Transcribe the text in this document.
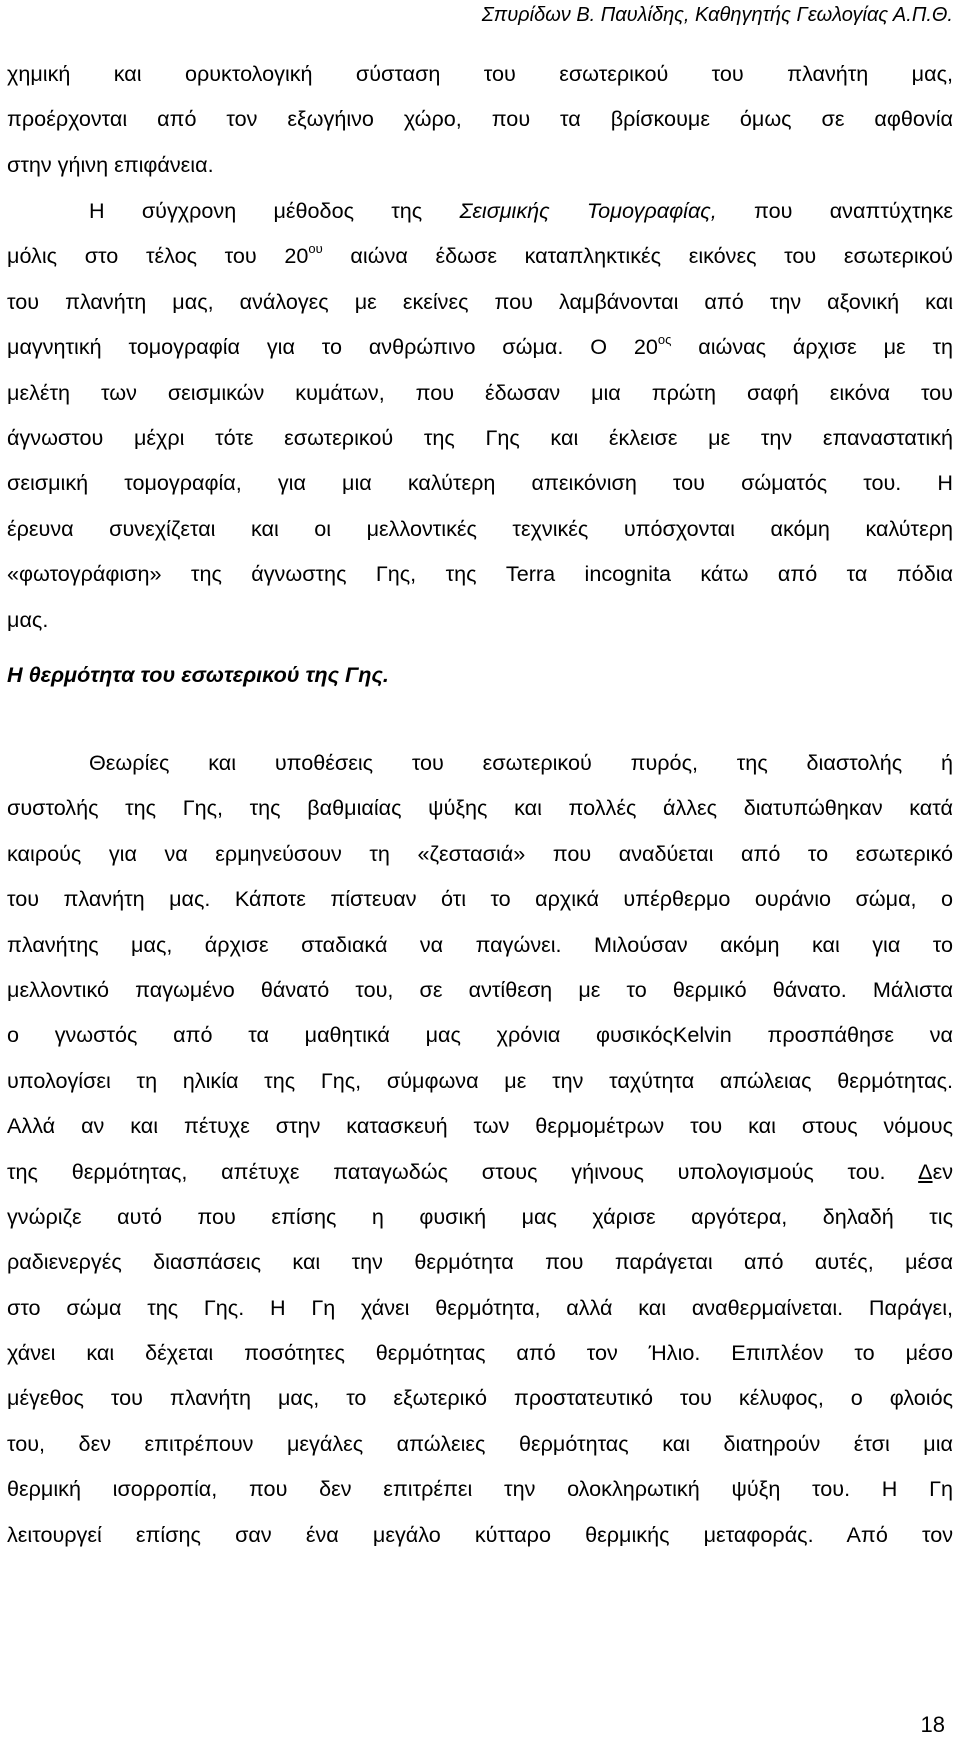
Σπυρίδων Β. Παυλίδης, Καθηγητής Γεωλογίας Α.Π.Θ.
χημική και ορυκτολογική σύσταση του εσωτερικού του πλανήτη μας,
προέρχονται από τον εξωγήινο χώρο, που τα βρίσκουμε όμως σε αφθονία
στην γήινη επιφάνεια.
Η σύγχρονη μέθοδος της Σεισμικής Τομογραφίας, που αναπτύχτηκε
μόλις στο τέλος του $20^{o\upsilon}$ αιώνα έδωσε καταπληκτικές εικόνες του εσωτερικού
του πλανήτη μας, ανάλογες με εκείνες που λαμβάνονται από την αξονική και
μαγνητική τομογραφία για το ανθρώπινο σώμα. Ο $20^{o\varsigma}$ αιώνας άρχισε με τη
μελέτη των σεισμικών κυμάτων, που έδωσαν μια πρώτη σαφή εικόνα του
άγνωστου μέχρι τότε εσωτερικού της Γης και έκλεισε με την επαναστατική
σεισμική τομογραφία, για μια καλύτερη απεικόνιση του σώματός του. Η
έρευνα συνεχίζεται και οι μελλοντικές τεχνικές υπόσχονται ακόμη καλύτερη
«φωτογράφιση» της άγνωστης Γης, της Terra incognita κάτω από τα πόδια
μας.
Η θερμότητα του εσωτερικού της Γης.
Θεωρίες και υποθέσεις του εσωτερικού πυρός, της διαστολής ή
συστολής της Γης, της βαθμιαίας ψύξης και πολλές άλλες διατυπώθηκαν κατά
καιρούς για να ερμηνεύσουν τη «ζεστασιά» που αναδύεται από το εσωτερικό
του πλανήτη μας. Κάποτε πίστευαν ότι το αρχικά υπέρθερμο ουράνιο σώμα, ο
πλανήτης μας, άρχισε σταδιακά να παγώνει. Μιλούσαν ακόμη και για το
μελλοντικό παγωμένο θάνατό του, σε αντίθεση με το θερμικό θάνατο. Μάλιστα
ο γνωστός από τα μαθητικά μας χρόνια φυσικόςKelvin προσπάθησε να
υπολογίσει τη ηλικία της Γης, σύμφωνα με την ταχύτητα απώλειας θερμότητας.
Αλλά αν και πέτυχε στην κατασκευή των θερμομέτρων του και στους νόμους
της θερμότητας, απέτυχε παταγωδώς στους γήινους υπολογισμούς του. Δεν
γνώριζε αυτό που επίσης η φυσική μας χάρισε αργότερα, δηλαδή τις
ραδιενεργές διασπάσεις και την θερμότητα που παράγεται από αυτές, μέσα
στο σώμα της Γης. Η Γη χάνει θερμότητα, αλλά και αναθερμαίνεται. Παράγει,
χάνει και δέχεται ποσότητες θερμότητας από τον Ήλιο. Επιπλέον το μέσο
μέγεθος του πλανήτη μας, το εξωτερικό προστατευτικό του κέλυφος, ο φλοιός
του, δεν επιτρέπουν μεγάλες απώλειες θερμότητας και διατηρούν έτσι μια
θερμική ισορροπία, που δεν επιτρέπει την ολοκληρωτική ψύξη του. Η Γη
λειτουργεί επίσης σαν ένα μεγάλο κύτταρο θερμικής μεταφοράς. Από τον
18
